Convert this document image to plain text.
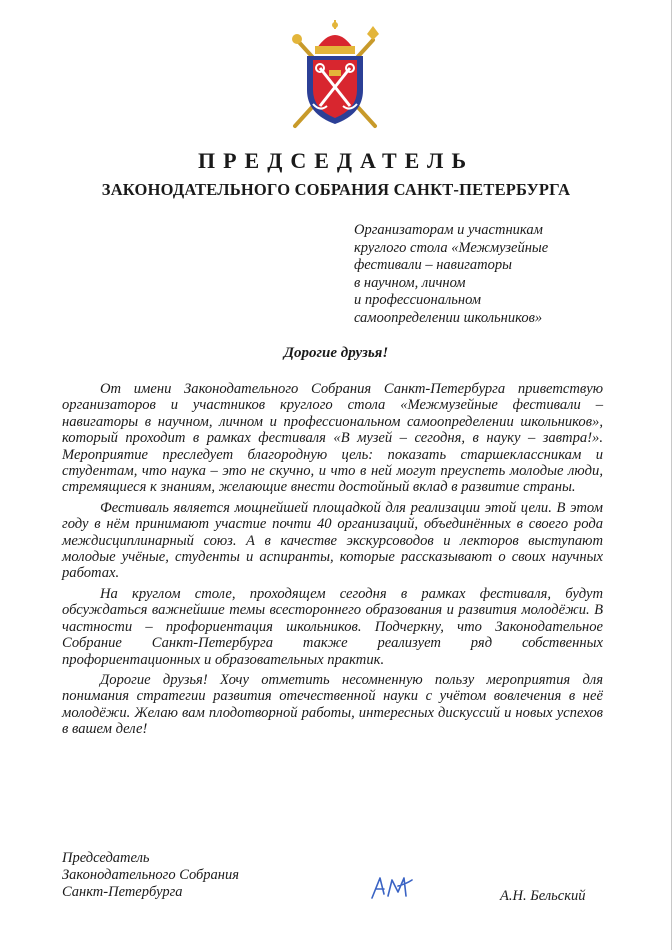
ПРЕДСЕДАТЕЛЬ
ЗАКОНОДАТЕЛЬНОГО СОБРАНИЯ САНКТ-ПЕТЕРБУРГА
Организаторам и участникам
круглого стола «Межмузейные
фестивали – навигаторы
в научном, личном
и профессиональном
самоопределении школьников»
Дорогие друзья!

От имени Законодательного Собрания Санкт-Петербурга приветствую организаторов и участников круглого стола «Межмузейные фестивали – навигаторы в научном, личном и профессиональном самоопределении школьников», который проходит в рамках фестиваля «В музей – сегодня, в науку – завтра!». Мероприятие преследует благородную цель: показать старшеклассникам и студентам, что наука – это не скучно, и что в ней могут преуспеть молодые люди, стремящиеся к знаниям, желающие внести достойный вклад в развитие страны.

Фестиваль является мощнейшей площадкой для реализации этой цели. В этом году в нём принимают участие почти 40 организаций, объединённых в своего рода междисциплинарный союз. А в качестве экскурсоводов и лекторов выступают молодые учёные, студенты и аспиранты, которые рассказывают о своих научных работах.

На круглом столе, проходящем сегодня в рамках фестиваля, будут обсуждаться важнейшие темы всестороннего образования и развития молодёжи. В частности – профориентация школьников. Подчеркну, что Законодательное Собрание Санкт-Петербурга также реализует ряд собственных профориентационных и образовательных практик.

Дорогие друзья! Хочу отметить несомненную пользу мероприятия для понимания стратегии развития отечественной науки с учётом вовлечения в неё молодёжи. Желаю вам плодотворной работы, интересных дискуссий и новых успехов в вашем деле!

Председатель
Законодательного Собрания
Санкт-Петербурга	А.Н. Бельский
